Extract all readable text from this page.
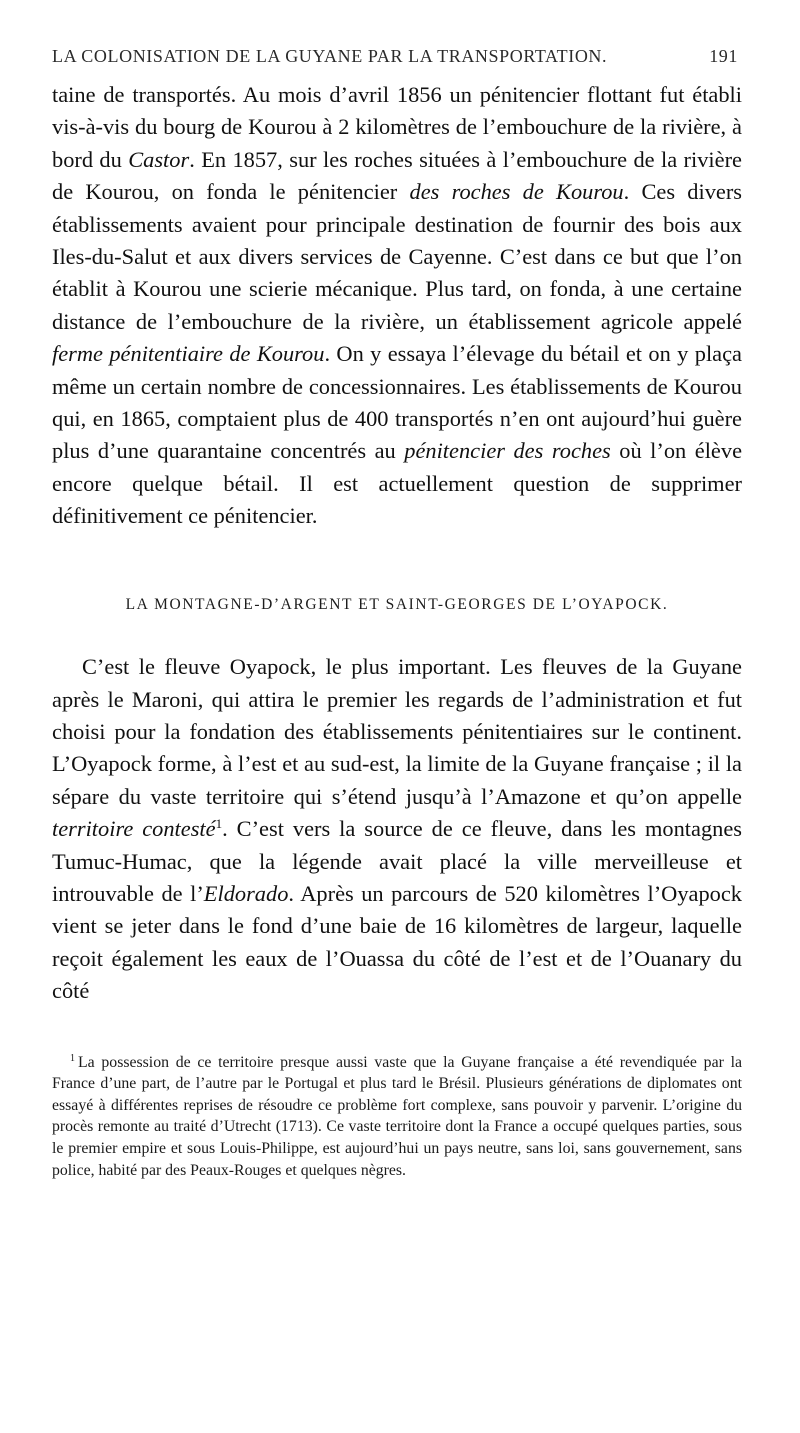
LA COLONISATION DE LA GUYANE PAR LA TRANSPORTATION.	191

taine de transportés. Au mois d’avril 1856 un pénitencier flottant fut établi vis-à-vis du bourg de Kourou à 2 kilomètres de l’embouchure de la rivière, à bord du Castor. En 1857, sur les roches situées à l’embouchure de la rivière de Kourou, on fonda le pénitencier des roches de Kourou. Ces divers établissements avaient pour principale destination de fournir des bois aux Iles-du-Salut et aux divers services de Cayenne. C’est dans ce but que l’on établit à Kourou une scierie mécanique. Plus tard, on fonda, à une certaine distance de l’embouchure de la rivière, un établissement agricole appelé ferme pénitentiaire de Kourou. On y essaya l’élevage du bétail et on y plaça même un certain nombre de concessionnaires. Les établissements de Kourou qui, en 1865, comptaient plus de 400 transportés n’en ont aujourd’hui guère plus d’une quarantaine concentrés au pénitencier des roches où l’on élève encore quelque bétail. Il est actuellement question de supprimer définitivement ce pénitencier.

LA MONTAGNE-D’ARGENT ET SAINT-GEORGES DE L’OYAPOCK.

C’est le fleuve Oyapock, le plus important. Les fleuves de la Guyane après le Maroni, qui attira le premier les regards de l’administration et fut choisi pour la fondation des établissements pénitentiaires sur le continent. L’Oyapock forme, à l’est et au sud-est, la limite de la Guyane française ; il la sépare du vaste territoire qui s’étend jusqu’à l’Amazone et qu’on appelle territoire contesté$^1$. C’est vers la source de ce fleuve, dans les montagnes Tumuc-Humac, que la légende avait placé la ville merveilleuse et introuvable de l’Eldorado. Après un parcours de 520 kilomètres l’Oyapock vient se jeter dans le fond d’une baie de 16 kilomètres de largeur, laquelle reçoit également les eaux de l’Ouassa du côté de l’est et de l’Ouanary du côté

$^1$ La possession de ce territoire presque aussi vaste que la Guyane française a été revendiquée par la France d’une part, de l’autre par le Portugal et plus tard le Brésil. Plusieurs générations de diplomates ont essayé à différentes reprises de résoudre ce problème fort complexe, sans pouvoir y parvenir. L’origine du procès remonte au traité d’Utrecht (1713). Ce vaste territoire dont la France a occupé quelques parties, sous le premier empire et sous Louis-Philippe, est aujourd’hui un pays neutre, sans loi, sans gouvernement, sans police, habité par des Peaux-Rouges et quelques nègres.
